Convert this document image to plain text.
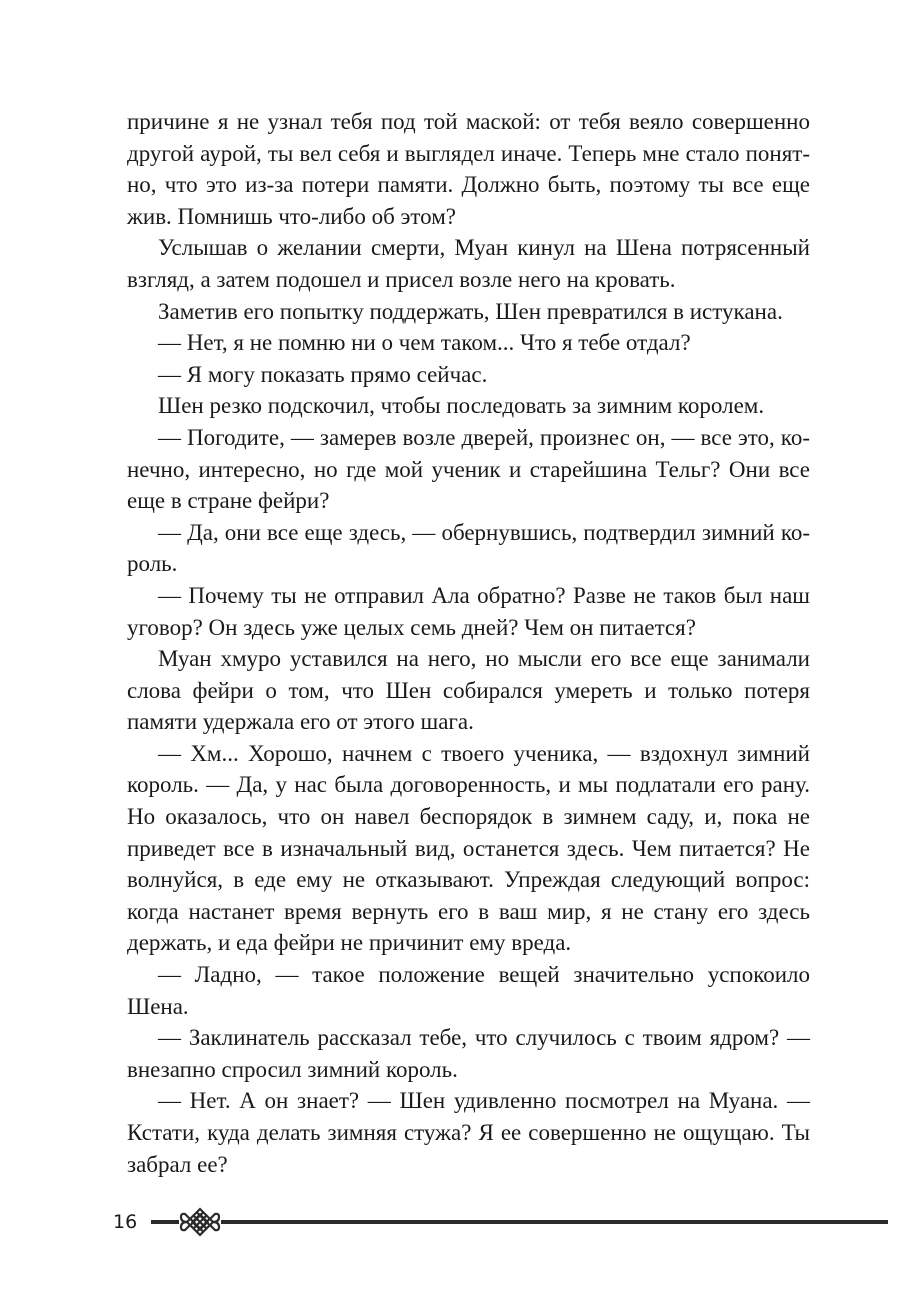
причине я не узнал тебя под той маской: от тебя веяло совершенно другой аурой, ты вел себя и выглядел иначе. Теперь мне стало понятно, что это из-за потери памяти. Должно быть, поэтому ты все еще жив. Помнишь что-либо об этом?

Услышав о желании смерти, Муан кинул на Шена потрясенный взгляд, а затем подошел и присел возле него на кровать.

Заметив его попытку поддержать, Шен превратился в истукана.

— Нет, я не помню ни о чем таком... Что я тебе отдал?

— Я могу показать прямо сейчас.

Шен резко подскочил, чтобы последовать за зимним королем.

— Погодите, — замерев возле дверей, произнес он, — все это, конечно, интересно, но где мой ученик и старейшина Тельг? Они все еще в стране фейри?

— Да, они все еще здесь, — обернувшись, подтвердил зимний король.

— Почему ты не отправил Ала обратно? Разве не таков был наш уговор? Он здесь уже целых семь дней? Чем он питается?

Муан хмуро уставился на него, но мысли его все еще занимали слова фейри о том, что Шен собирался умереть и только потеря памяти удержала его от этого шага.

— Хм... Хорошо, начнем с твоего ученика, — вздохнул зимний король. — Да, у нас была договоренность, и мы подлатали его рану. Но оказалось, что он навел беспорядок в зимнем саду, и, пока не приведет все в изначальный вид, останется здесь. Чем питается? Не волнуйся, в еде ему не отказывают. Упреждая следующий вопрос: когда настанет время вернуть его в ваш мир, я не стану его здесь держать, и еда фейри не причинит ему вреда.

— Ладно, — такое положение вещей значительно успокоило Шена.

— Заклинатель рассказал тебе, что случилось с твоим ядром? — внезапно спросил зимний король.

— Нет. А он знает? — Шен удивленно посмотрел на Муана. — Кстати, куда делать зимняя стужа? Я ее совершенно не ощущаю. Ты забрал ее?

16
